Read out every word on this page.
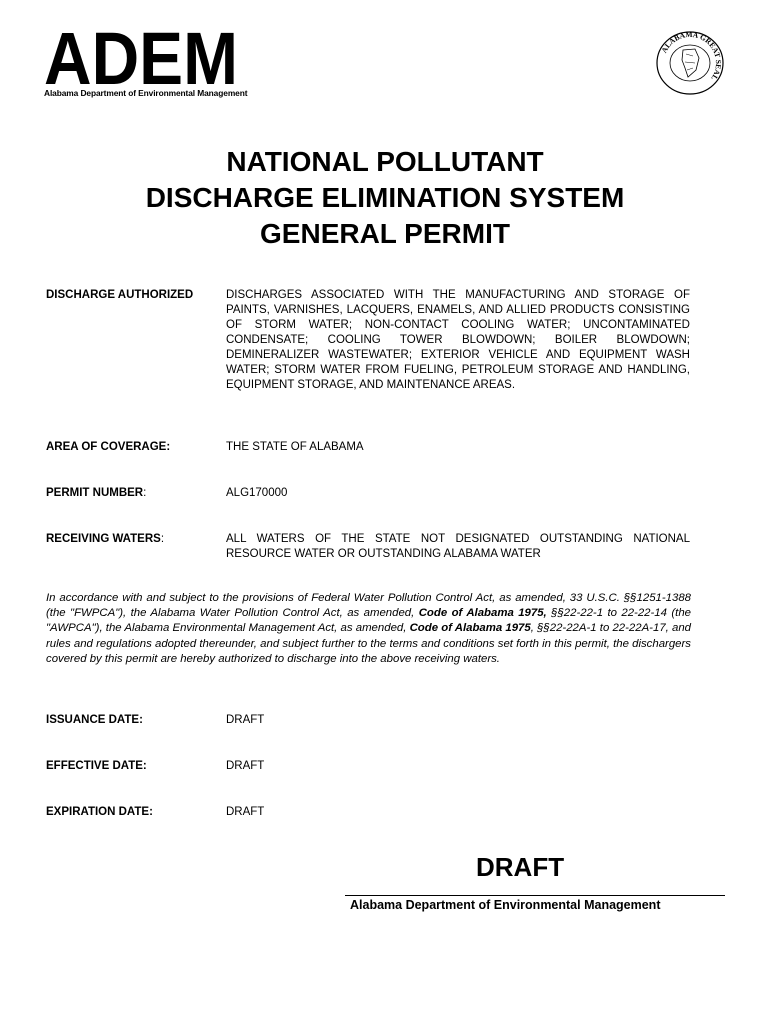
ADEM
Alabama Department of Environmental Management
ALABAMA GREAT SEAL
NATIONAL POLLUTANT
DISCHARGE ELIMINATION SYSTEM
GENERAL PERMIT
DISCHARGE AUTHORIZED	DISCHARGES ASSOCIATED WITH THE MANUFACTURING AND STORAGE OF PAINTS, VARNISHES, LACQUERS, ENAMELS, AND ALLIED PRODUCTS CONSISTING OF STORM WATER; NON-CONTACT COOLING WATER; UNCONTAMINATED CONDENSATE; COOLING TOWER BLOWDOWN; BOILER BLOWDOWN; DEMINERALIZER WASTEWATER; EXTERIOR VEHICLE AND EQUIPMENT WASH WATER; STORM WATER FROM FUELING, PETROLEUM STORAGE AND HANDLING, EQUIPMENT STORAGE, AND MAINTENANCE AREAS.
AREA OF COVERAGE:	THE STATE OF ALABAMA
PERMIT NUMBER:	ALG170000
RECEIVING WATERS:	ALL WATERS OF THE STATE NOT DESIGNATED OUTSTANDING NATIONAL RESOURCE WATER OR OUTSTANDING ALABAMA WATER
In accordance with and subject to the provisions of Federal Water Pollution Control Act, as amended, 33 U.S.C. §§1251-1388 (the "FWPCA"), the Alabama Water Pollution Control Act, as amended, Code of Alabama 1975, §§22-22-1 to 22-22-14 (the "AWPCA"), the Alabama Environmental Management Act, as amended, Code of Alabama 1975, §§22-22A-1 to 22-22A-17, and rules and regulations adopted thereunder, and subject further to the terms and conditions set forth in this permit, the dischargers covered by this permit are hereby authorized to discharge into the above receiving waters.
ISSUANCE DATE:	DRAFT
EFFECTIVE DATE:	DRAFT
EXPIRATION DATE:	DRAFT
DRAFT
Alabama Department of Environmental Management
